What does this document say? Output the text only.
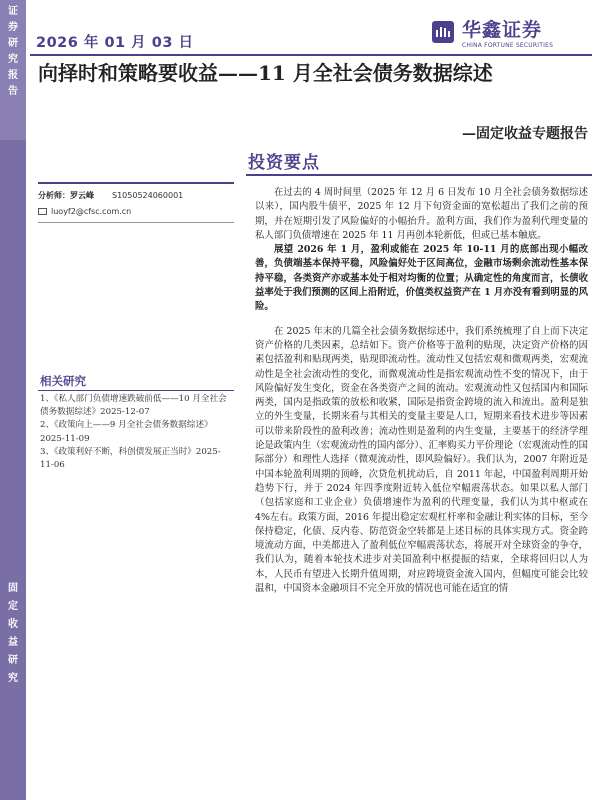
证
券
研
究
报
告
固
定
收
益
研
究
2026 年 01 月 03 日
华鑫证券
CHINA FORTUNE SECURITIES
向择时和策略要收益——11 月全社会债务数据综述
—固定收益专题报告
投资要点
分析师：罗云峰 S1050524060001
luoyf2@cfsc.com.cn
相关研究
1、《私人部门负债增速跌破前低——10 月全社会债务数据综述》2025-12-07
2、《政策向上——9 月全社会债务数据综述》2025-11-09
3、《政策利好不断，科创债发展正当时》2025-11-06

在过去的 4 周时间里（2025 年 12 月 6 日发布 10 月全社会债务数据综述以来），国内股牛债平，2025 年 12 月下旬资金面的宽松超出了我们之前的预期，并在短期引发了风险偏好的小幅抬升。盈利方面，我们作为盈利代理变量的私人部门负债增速在 2025 年 11 月再创本轮新低，但或已基本触底。

展望 2026 年 1 月，盈利或能在 2025 年 10-11 月的底部出现小幅改善，负债端基本保持平稳，风险偏好处于区间高位，金融市场剩余流动性基本保持平稳，各类资产亦或基本处于相对均衡的位置；从确定性的角度而言，长债收益率处于我们预测的区间上沿附近，价值类权益资产在 1 月亦没有看到明显的风险。

在 2025 年末的几篇全社会债务数据综述中，我们系统梳理了自上而下决定资产价格的几类因素，总结如下。资产价格等于盈利的贴现，决定资产价格的因素包括盈利和贴现两类，贴现即流动性。流动性又包括宏观和微观两类，宏观流动性是全社会流动性的变化，而微观流动性是指宏观流动性不变的情况下，由于风险偏好发生变化，资金在各类资产之间的流动。宏观流动性又包括国内和国际两类，国内是指政策的放松和收紧，国际是指资金跨境的流入和流出。盈利是独立的外生变量，长期来看与其相关的变量主要是人口，短期来看技术进步等因素可以带来阶段性的盈利改善；流动性则是盈利的内生变量，主要基于的经济学理论是政策内生（宏观流动性的国内部分）、汇率购买力平价理论（宏观流动性的国际部分）和理性人选择（微观流动性，即风险偏好）。我们认为，2007 年附近是中国本轮盈利周期的顶峰，次贷危机扰动后，自 2011 年起，中国盈利周期开始趋势下行，并于 2024 年四季度附近转入低位窄幅震荡状态。如果以私人部门（包括家庭和工业企业）负债增速作为盈利的代理变量，我们认为其中枢或在 4%左右。政策方面，2016 年提出稳定宏观杠杆率和金融让利实体的目标，至今保持稳定，化债、反内卷、防范资金空转都是上述目标的具体实现方式。资金跨境流动方面，中美都进入了盈利低位窄幅震荡状态，将展开对全球资金的争夺，我们认为，随着本轮技术进步对美国盈利中枢提振的结束，全球将回归以人为本，人民币有望进入长期升值周期，对应跨境资金流入国内，但幅度可能会比较温和，中国资本金融项目不完全开放的情况也可能在适宜的情
